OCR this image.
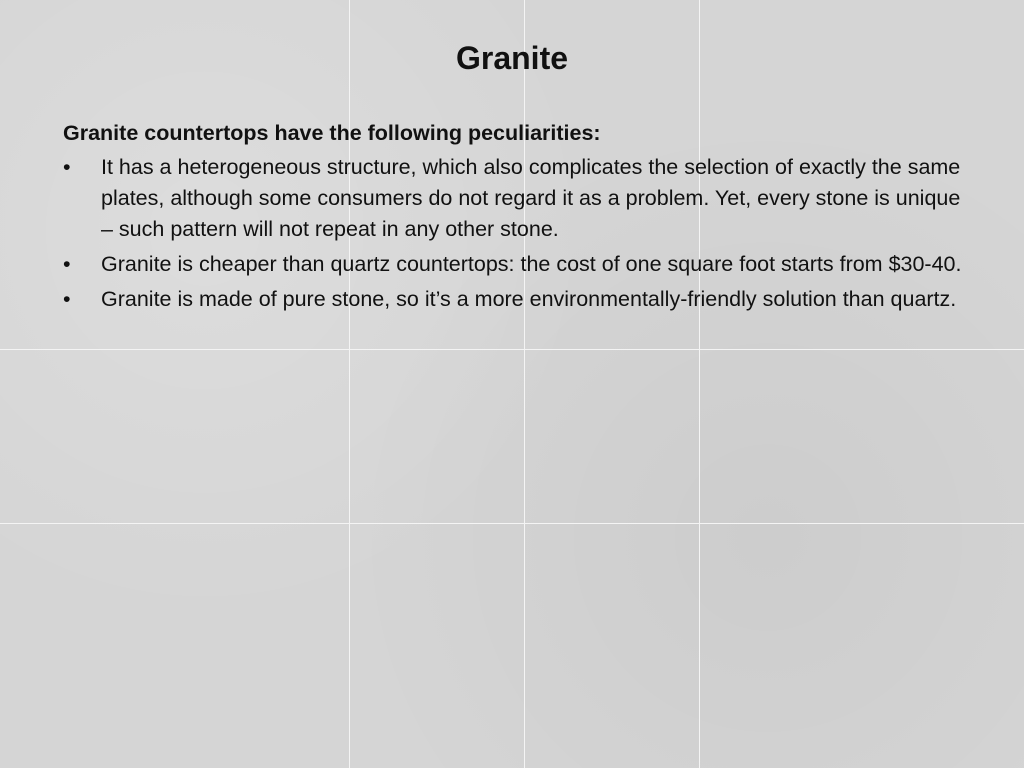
Granite

Granite countertops have the following peculiarities:

• It has a heterogeneous structure, which also complicates the selection of exactly the same plates, although some consumers do not regard it as a problem. Yet, every stone is unique – such pattern will not repeat in any other stone.
• Granite is cheaper than quartz countertops: the cost of one square foot starts from $30-40.
• Granite is made of pure stone, so it’s a more environmentally-friendly solution than quartz.
